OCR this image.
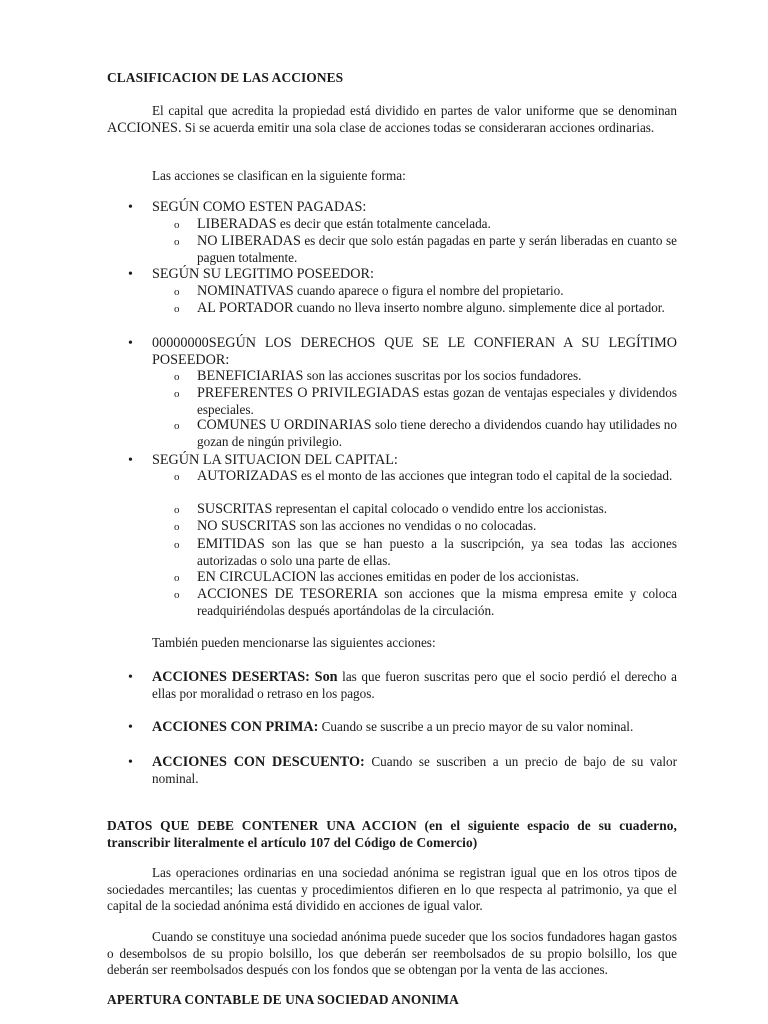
CLASIFICACION DE LAS ACCIONES
El capital que acredita la propiedad está dividido en partes de valor uniforme que se denominan ACCIONES. Si se acuerda emitir una sola clase de acciones todas se consideraran acciones ordinarias.
Las acciones se clasifican en la siguiente forma:
• SEGÚN COMO ESTEN PAGADAS:
o LIBERADAS es decir que están totalmente cancelada.
o NO LIBERADAS es decir que solo están pagadas en parte y serán liberadas en cuanto se paguen totalmente.
• SEGÚN SU LEGITIMO POSEEDOR:
o NOMINATIVAS cuando aparece o figura el nombre del propietario.
o AL PORTADOR cuando no lleva inserto nombre alguno. simplemente dice al portador.
• 00000000SEGÚN LOS DERECHOS QUE SE LE CONFIERAN A SU LEGÍTIMO POSEEDOR:
o BENEFICIARIAS son las acciones suscritas por los socios fundadores.
o PREFERENTES O PRIVILEGIADAS estas gozan de ventajas especiales y dividendos especiales.
o COMUNES U ORDINARIAS solo tiene derecho a dividendos cuando hay utilidades no gozan de ningún privilegio.
• SEGÚN LA SITUACION DEL CAPITAL:
o AUTORIZADAS es el monto de las acciones que integran todo el capital de la sociedad.
o SUSCRITAS representan el capital colocado o vendido entre los accionistas.
o NO SUSCRITAS son las acciones no vendidas o no colocadas.
o EMITIDAS son las que se han puesto a la suscripción, ya sea todas las acciones autorizadas o solo una parte de ellas.
o EN CIRCULACION las acciones emitidas en poder de los accionistas.
o ACCIONES DE TESORERIA son acciones que la misma empresa emite y coloca readquiriéndolas después aportándolas de la circulación.
También pueden mencionarse las siguientes acciones:
• ACCIONES DESERTAS: Son las que fueron suscritas pero que el socio perdió el derecho a ellas por moralidad o retraso en los pagos.
• ACCIONES CON PRIMA: Cuando se suscribe a un precio mayor de su valor nominal.
• ACCIONES CON DESCUENTO: Cuando se suscriben a un precio de bajo de su valor nominal.
DATOS QUE DEBE CONTENER UNA ACCION (en el siguiente espacio de su cuaderno, transcribir literalmente el artículo 107 del Código de Comercio)
Las operaciones ordinarias en una sociedad anónima se registran igual que en los otros tipos de sociedades mercantiles; las cuentas y procedimientos difieren en lo que respecta al patrimonio, ya que el capital de la sociedad anónima está dividido en acciones de igual valor.
Cuando se constituye una sociedad anónima puede suceder que los socios fundadores hagan gastos o desembolsos de su propio bolsillo, los que deberán ser reembolsados de su propio bolsillo, los que deberán ser reembolsados después con los fondos que se obtengan por la venta de las acciones.
APERTURA CONTABLE DE UNA SOCIEDAD ANONIMA
